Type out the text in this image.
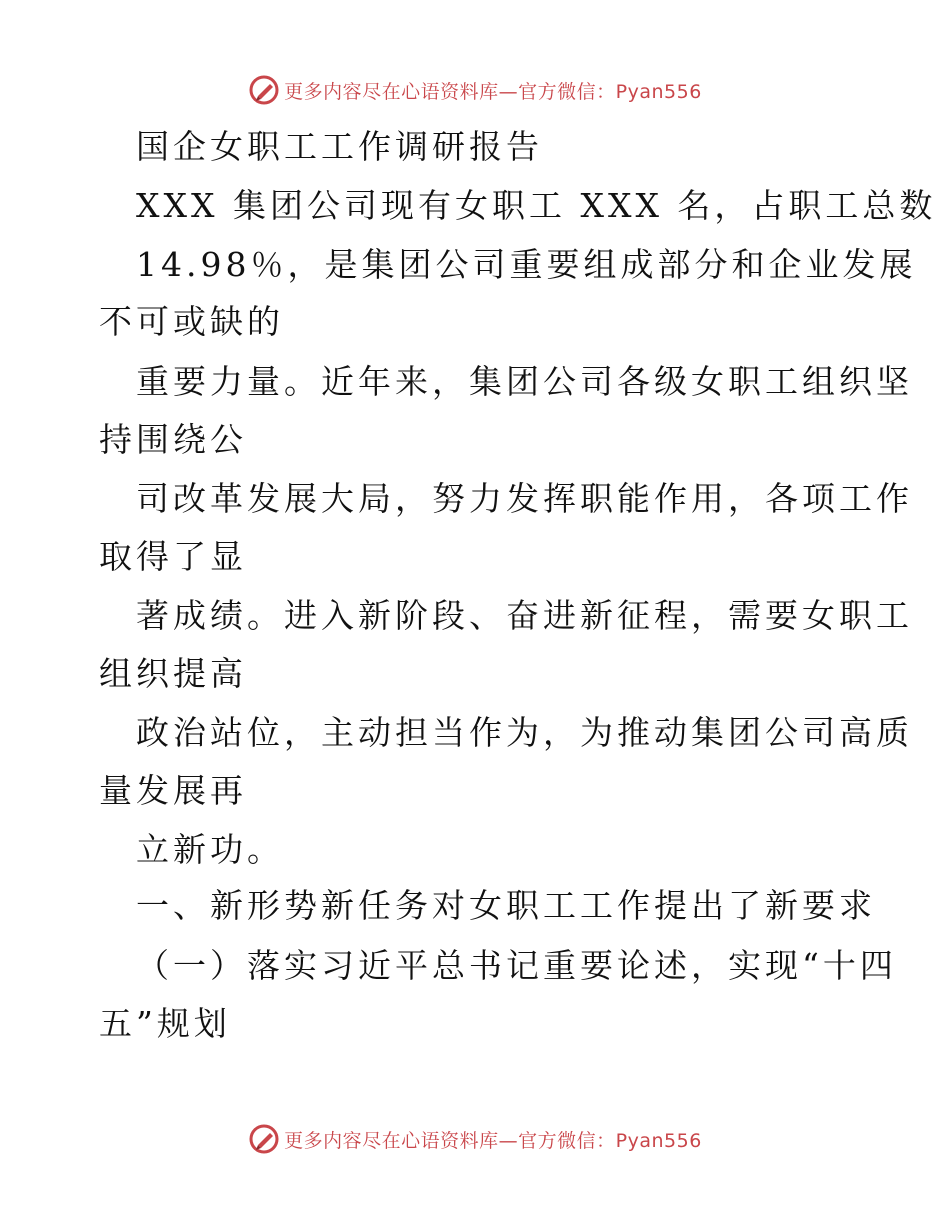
更多内容尽在心语资料库—官方微信：Pyan556
国企女职工工作调研报告
XXX 集团公司现有女职工 XXX 名，占职工总数
14.98％，是集团公司重要组成部分和企业发展
不可或缺的
重要力量。近年来，集团公司各级女职工组织坚
持围绕公
司改革发展大局，努力发挥职能作用，各项工作
取得了显
著成绩。进入新阶段、奋进新征程，需要女职工
组织提高
政治站位，主动担当作为，为推动集团公司高质
量发展再
立新功。
一、新形势新任务对女职工工作提出了新要求
（一）落实习近平总书记重要论述，实现“十四
五”规划
更多内容尽在心语资料库—官方微信：Pyan556
